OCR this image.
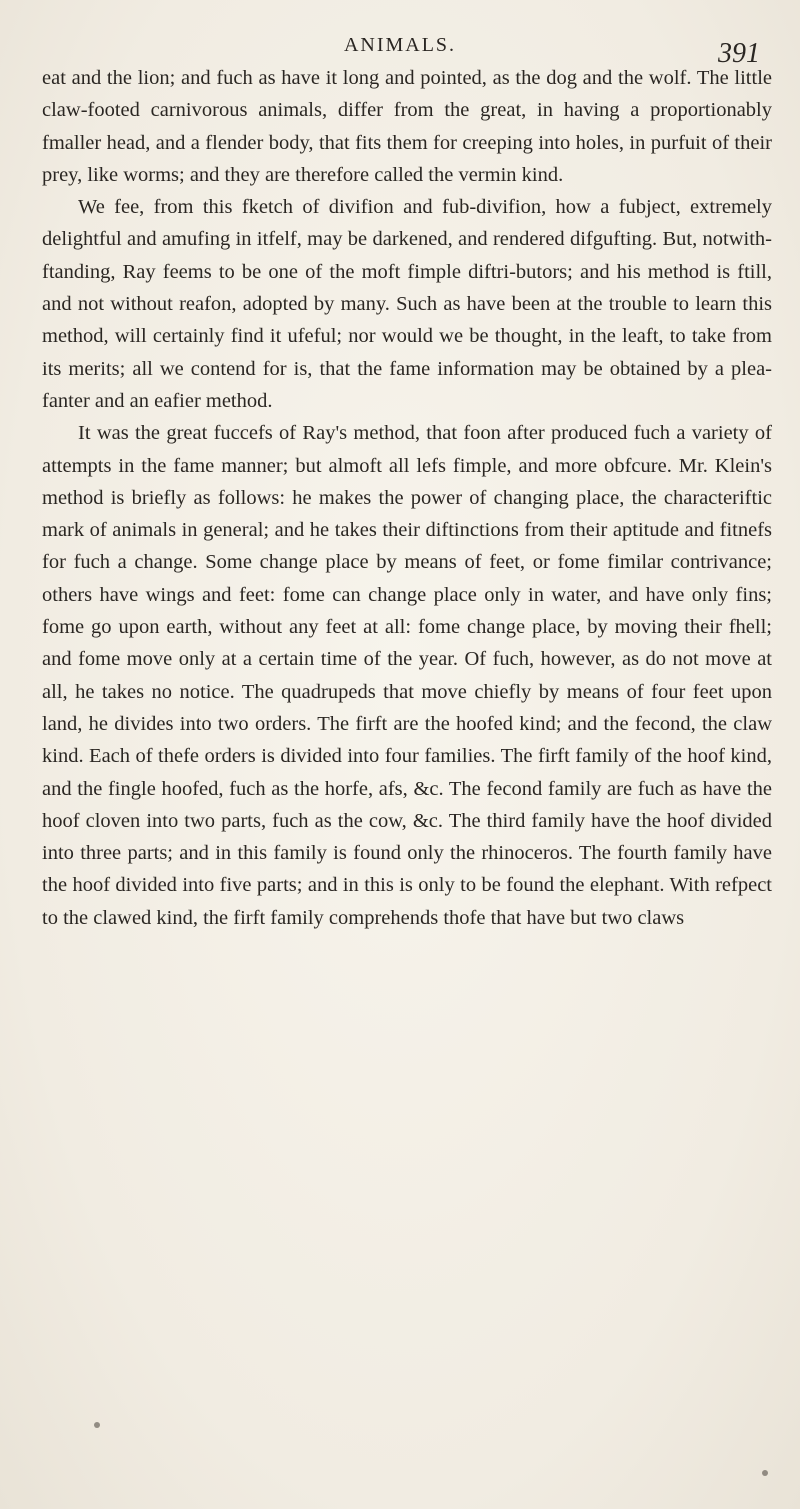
ANIMALS.	391

eat and the lion; and fuch as have it long and pointed, as the dog and the wolf. The little claw-footed carnivorous animals, differ from the great, in having a proportionably fmaller head, and a flender body, that fits them for creeping into holes, in purfuit of their prey, like worms; and they are therefore called the vermin kind.

We fee, from this fketch of divifion and fub-divifion, how a fubject, extremely delightful and amufing in itfelf, may be darkened, and rendered difgufting. But, notwith-ftanding, Ray feems to be one of the moft fimple diftri-butors; and his method is ftill, and not without reafon, adopted by many. Such as have been at the trouble to learn this method, will certainly find it ufeful; nor would we be thought, in the leaft, to take from its merits; all we contend for is, that the fame information may be obtained by a plea-fanter and an eafier method.

It was the great fuccefs of Ray's method, that foon after produced fuch a variety of attempts in the fame manner; but almoft all lefs fimple, and more obfcure. Mr. Klein's method is briefly as follows: he makes the power of changing place, the characteriftic mark of animals in general; and he takes their diftinctions from their aptitude and fitnefs for fuch a change. Some change place by means of feet, or fome fimilar contrivance; others have wings and feet: fome can change place only in water, and have only fins; fome go upon earth, without any feet at all: fome change place, by moving their fhell; and fome move only at a certain time of the year. Of fuch, however, as do not move at all, he takes no notice. The quadrupeds that move chiefly by means of four feet upon land, he divides into two orders. The firft are the hoofed kind; and the fecond, the claw kind. Each of thefe orders is divided into four families. The firft family of the hoof kind, and the fingle hoofed, fuch as the horfe, afs, &c. The fecond family are fuch as have the hoof cloven into two parts, fuch as the cow, &c. The third family have the hoof divided into three parts; and in this family is found only the rhinoceros. The fourth family have the hoof divided into five parts; and in this is only to be found the elephant. With refpect to the clawed kind, the firft family comprehends thofe that have but two claws
